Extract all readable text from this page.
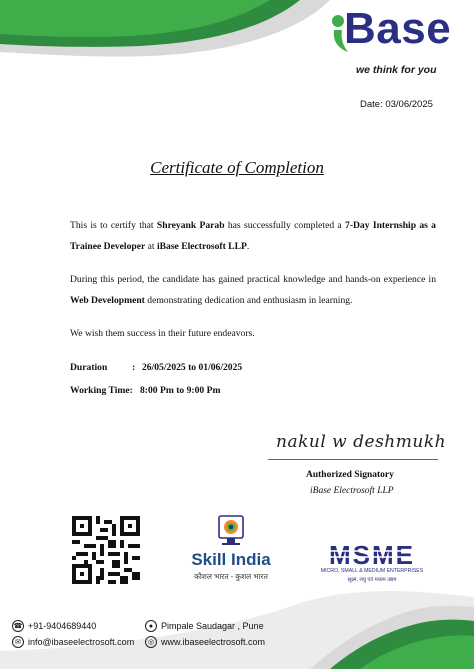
Base
we think for you
Date: 03/06/2025
Certificate of Completion
This is to certify that Shreyank Parab has successfully completed a 7-Day Internship as a Trainee Developer at iBase Electrosoft LLP.
During this period, the candidate has gained practical knowledge and hands-on experience in Web Development demonstrating dedication and enthusiasm in learning.
We wish them success in their future endeavors.
Duration	: 26/05/2025 to 01/06/2025
Working Time: 8:00 Pm to 9:00 Pm
nakul w deshmukh
Authorized Signatory
iBase Electrosoft LLP
Skill India
कौशल भारत - कुशल भारत
MSME
MICRO, SMALL & MEDIUM ENTERPRISES
सूक्ष्म, लघु एवं मध्यम उद्यम
☎ +91-9404689440
✉ info@ibaseelectrosoft.com
● Pimpale Saudagar , Pune
◎ www.ibaseelectrosoft.com
